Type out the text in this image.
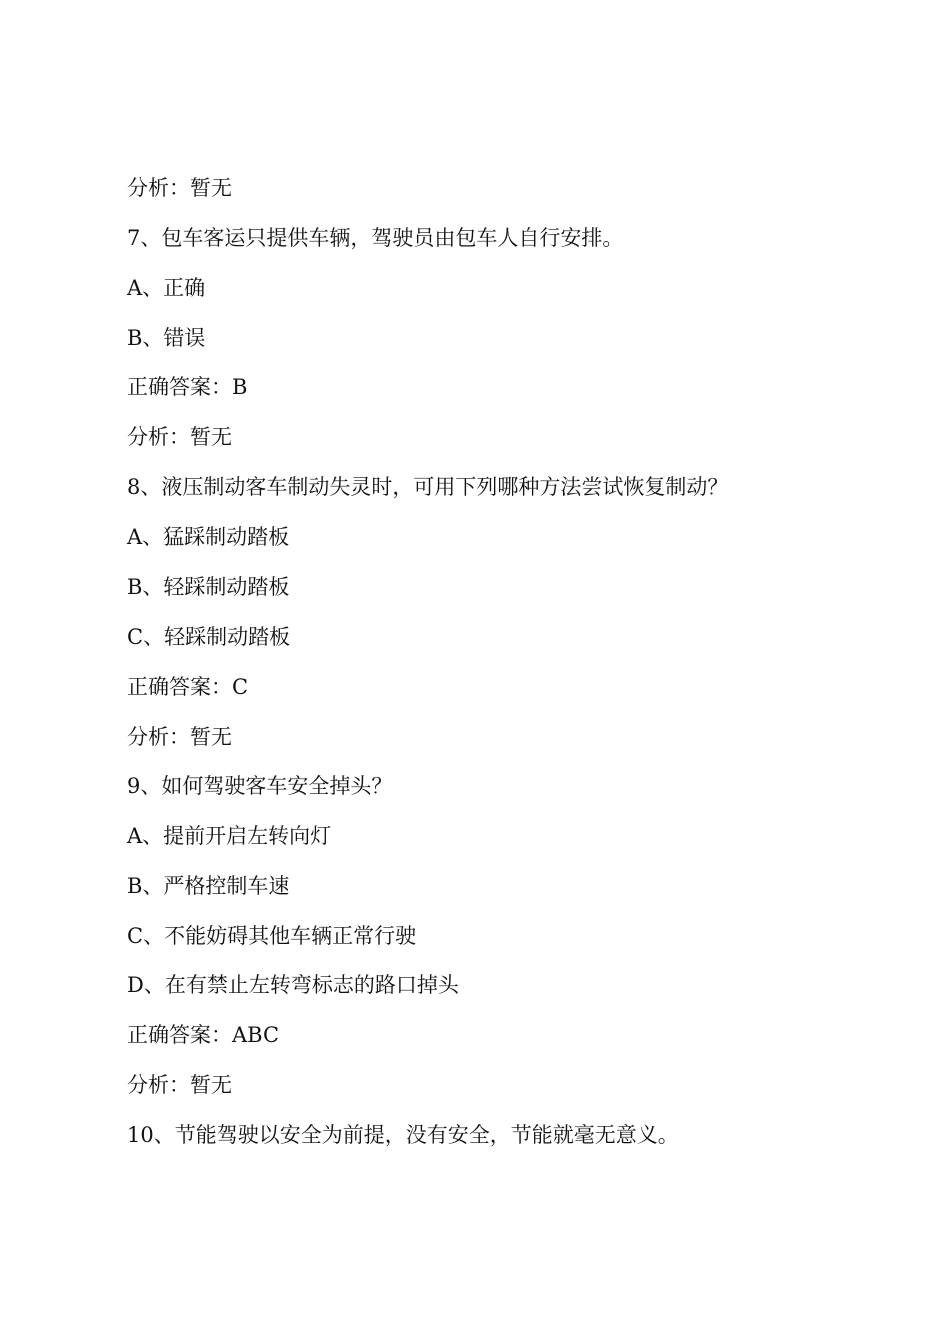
分析：暂无
7、包车客运只提供车辆，驾驶员由包车人自行安排。
A、正确
B、错误
正确答案：B
分析：暂无
8、液压制动客车制动失灵时，可用下列哪种方法尝试恢复制动？
A、猛踩制动踏板
B、轻踩制动踏板
C、轻踩制动踏板
正确答案：C
分析：暂无
9、如何驾驶客车安全掉头？
A、提前开启左转向灯
B、严格控制车速
C、不能妨碍其他车辆正常行驶
D、在有禁止左转弯标志的路口掉头
正确答案：ABC
分析：暂无
10、节能驾驶以安全为前提，没有安全，节能就毫无意义。
